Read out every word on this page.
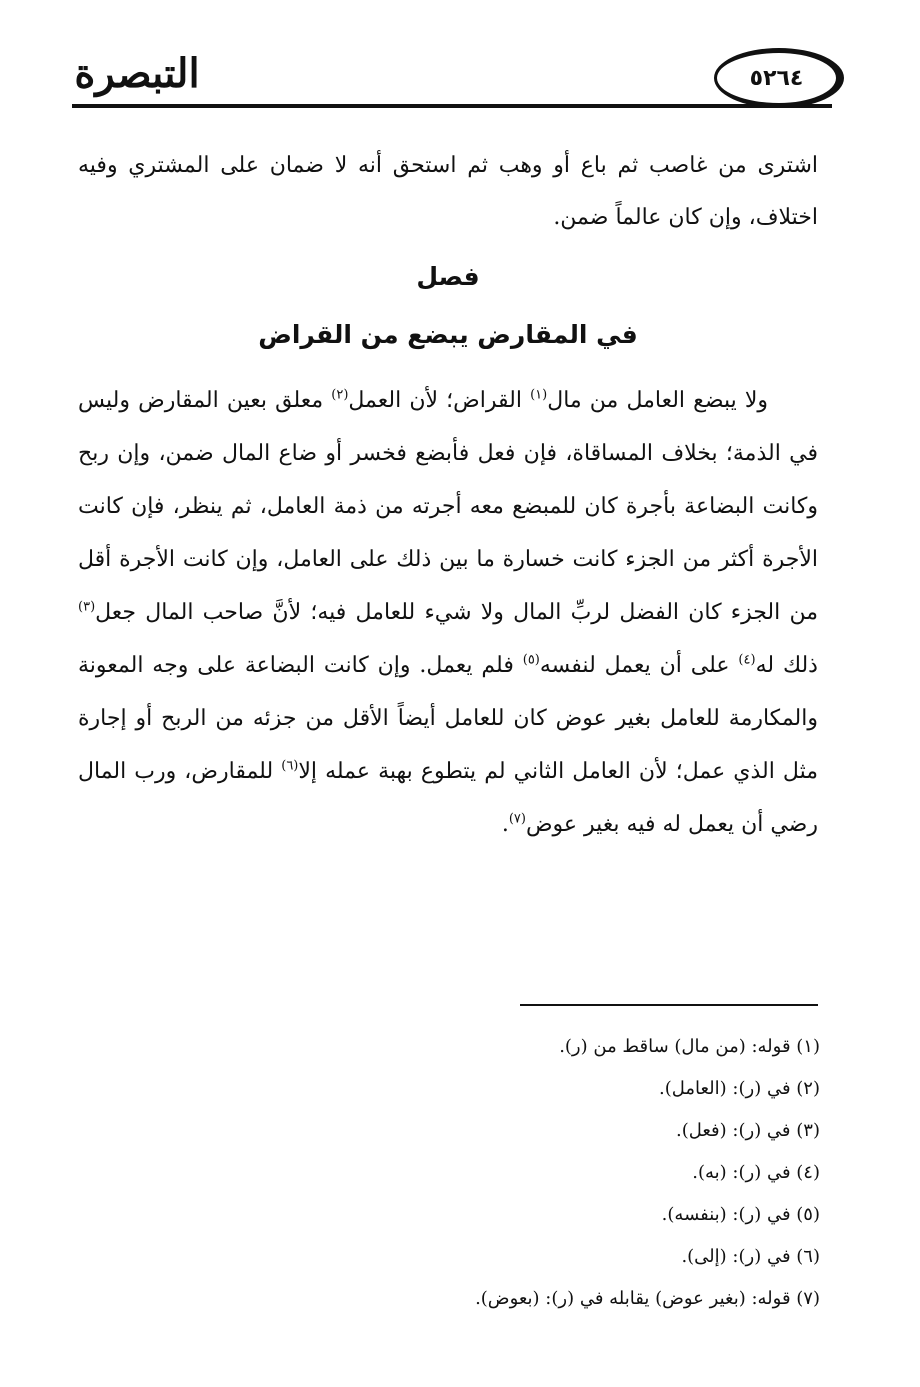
التبصرة	٥٢٦٤

اشترى من غاصب ثم باع أو وهب ثم استحق أنه لا ضمان على المشتري وفيه اختلاف، وإن كان عالماً ضمن.

فصل
في المقارض يبضع من القراض

ولا يبضع العامل من مال$^{(١)}$ القراض؛ لأن العمل$^{(٢)}$ معلق بعين المقارض وليس في الذمة؛ بخلاف المساقاة، فإن فعل فأبضع فخسر أو ضاع المال ضمن، وإن ربح وكانت البضاعة بأجرة كان للمبضع معه أجرته من ذمة العامل، ثم ينظر، فإن كانت الأجرة أكثر من الجزء كانت خسارة ما بين ذلك على العامل، وإن كانت الأجرة أقل من الجزء كان الفضل لربِّ المال ولا شيء للعامل فيه؛ لأنَّ صاحب المال جعل$^{(٣)}$ ذلك له$^{(٤)}$ على أن يعمل لنفسه$^{(٥)}$ فلم يعمل. وإن كانت البضاعة على وجه المعونة والمكارمة للعامل بغير عوض كان للعامل أيضاً الأقل من جزئه من الربح أو إجارة مثل الذي عمل؛ لأن العامل الثاني لم يتطوع بهبة عمله إلا$^{(٦)}$ للمقارض، ورب المال رضي أن يعمل له فيه بغير عوض$^{(٧)}$.

(١) قوله: (من مال) ساقط من (ر).
(٢) في (ر): (العامل).
(٣) في (ر): (فعل).
(٤) في (ر): (به).
(٥) في (ر): (بنفسه).
(٦) في (ر): (إلى).
(٧) قوله: (بغير عوض) يقابله في (ر): (بعوض).
